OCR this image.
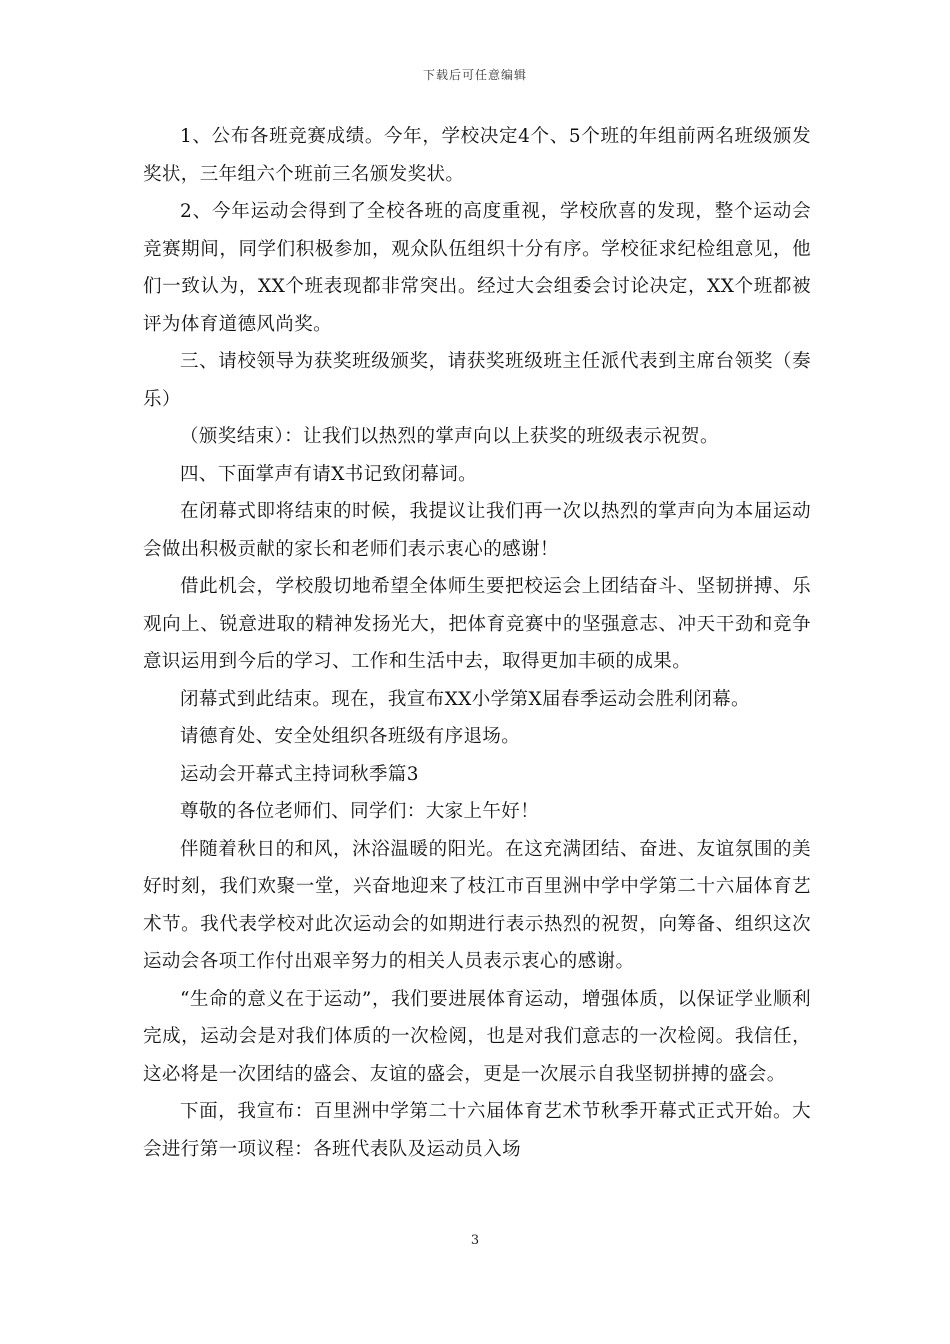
下载后可任意编辑

1、公布各班竞赛成绩。今年，学校决定4个、5个班的年组前两名班级颁发奖状，三年组六个班前三名颁发奖状。

2、今年运动会得到了全校各班的高度重视，学校欣喜的发现，整个运动会竞赛期间，同学们积极参加，观众队伍组织十分有序。学校征求纪检组意见，他们一致认为，XX个班表现都非常突出。经过大会组委会讨论决定，XX个班都被评为体育道德风尚奖。

三、请校领导为获奖班级颁奖，请获奖班级班主任派代表到主席台领奖（奏乐）

（颁奖结束）：让我们以热烈的掌声向以上获奖的班级表示祝贺。

四、下面掌声有请X书记致闭幕词。

在闭幕式即将结束的时候，我提议让我们再一次以热烈的掌声向为本届运动会做出积极贡献的家长和老师们表示衷心的感谢！

借此机会，学校殷切地希望全体师生要把校运会上团结奋斗、坚韧拼搏、乐观向上、锐意进取的精神发扬光大，把体育竞赛中的坚强意志、冲天干劲和竞争意识运用到今后的学习、工作和生活中去，取得更加丰硕的成果。

闭幕式到此结束。现在，我宣布XX小学第X届春季运动会胜利闭幕。

请德育处、安全处组织各班级有序退场。

运动会开幕式主持词秋季篇3

尊敬的各位老师们、同学们：大家上午好！

伴随着秋日的和风，沐浴温暖的阳光。在这充满团结、奋进、友谊氛围的美好时刻，我们欢聚一堂，兴奋地迎来了枝江市百里洲中学中学第二十六届体育艺术节。我代表学校对此次运动会的如期进行表示热烈的祝贺，向筹备、组织这次运动会各项工作付出艰辛努力的相关人员表示衷心的感谢。

“生命的意义在于运动”，我们要进展体育运动，增强体质，以保证学业顺利完成，运动会是对我们体质的一次检阅，也是对我们意志的一次检阅。我信任，这必将是一次团结的盛会、友谊的盛会，更是一次展示自我坚韧拼搏的盛会。

下面，我宣布：百里洲中学第二十六届体育艺术节秋季开幕式正式开始。大会进行第一项议程：各班代表队及运动员入场

3
